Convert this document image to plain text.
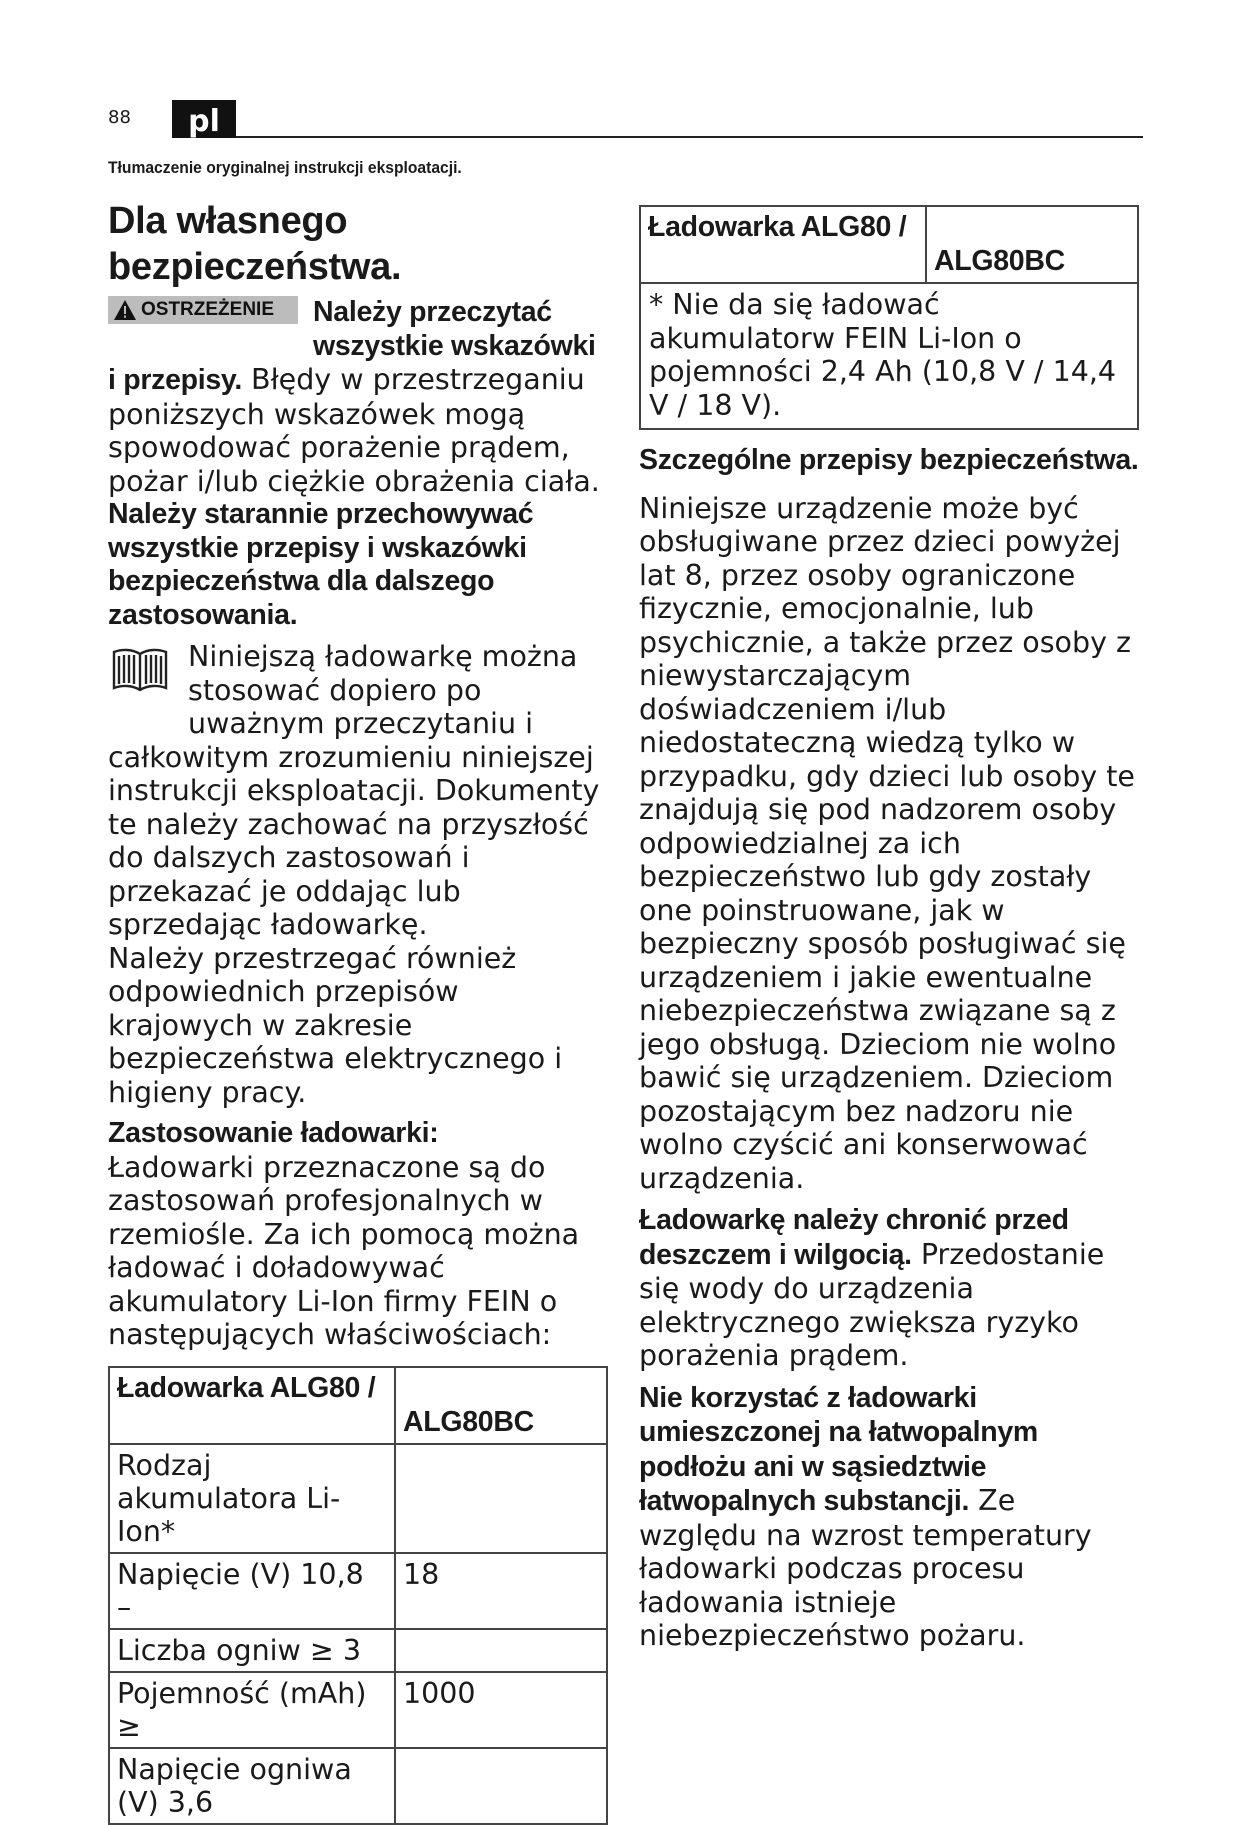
88	pl
Tłumaczenie oryginalnej instrukcji eksploatacji.
Dla własnego
bezpieczeństwa.
OSTRZEŻENIE Należy przeczytać
wszystkie wskazówki

i przepisy. Błędy w przestrzeganiu poniższych wskazówek mogą spowodować porażenie prądem, pożar i/lub ciężkie obrażenia ciała.

Należy starannie przechowywać wszystkie przepisy i wskazówki bezpieczeństwa dla dalszego zastosowania.

Niniejszą ładowarkę można
stosować dopiero po
uważnym przeczytaniu i

całkowitym zrozumieniu niniejszej instrukcji eksploatacji. Dokumenty te należy zachować na przyszłość do dalszych zastosowań i przekazać je oddając lub sprzedając ładowarkę.

Należy przestrzegać również odpowiednich przepisów krajowych w zakresie bezpieczeństwa elektrycznego i higieny pracy.

Zastosowanie ładowarki:

Ładowarki przeznaczone są do zastosowań profesjonalnych w rzemiośle. Za ich pomocą można ładować i doładowywać akumulatory Li-Ion firmy FEIN o następujących właściwościach:

Ładowarka ALG80 /	ALG80BC
Rodzaj akumulatora Li-Ion*	
Napięcie (V) 10,8 –	18
Liczba ogniw ≥ 3	
Pojemność (mAh) ≥	1000
Napięcie ogniwa (V) 3,6	
Ładowarka ALG80 /	ALG80BC
* Nie da się ładować akumulatorw FEIN Li-Ion o pojemności 2,4 Ah (10,8 V / 14,4 V / 18 V).
Szczególne przepisy bezpieczeństwa.

Niniejsze urządzenie może być obsługiwane przez dzieci powyżej lat 8, przez osoby ograniczone fizycznie, emocjonalnie, lub psychicznie, a także przez osoby z niewystarczającym doświadczeniem i/lub niedostateczną wiedzą tylko w przypadku, gdy dzieci lub osoby te znajdują się pod nadzorem osoby odpowiedzialnej za ich bezpieczeństwo lub gdy zostały one poinstruowane, jak w bezpieczny sposób posługiwać się urządzeniem i jakie ewentualne niebezpieczeństwa związane są z jego obsługą. Dzieciom nie wolno bawić się urządzeniem. Dzieciom pozostającym bez nadzoru nie wolno czyścić ani konserwować urządzenia.

Ładowarkę należy chronić przed deszczem i wilgocią. Przedostanie się wody do urządzenia elektrycznego zwiększa ryzyko porażenia prądem.

Nie korzystać z ładowarki umieszczonej na łatwopalnym podłożu ani w sąsiedztwie łatwopalnych substancji. Ze względu na wzrost temperatury ładowarki podczas procesu ładowania istnieje niebezpieczeństwo pożaru.
